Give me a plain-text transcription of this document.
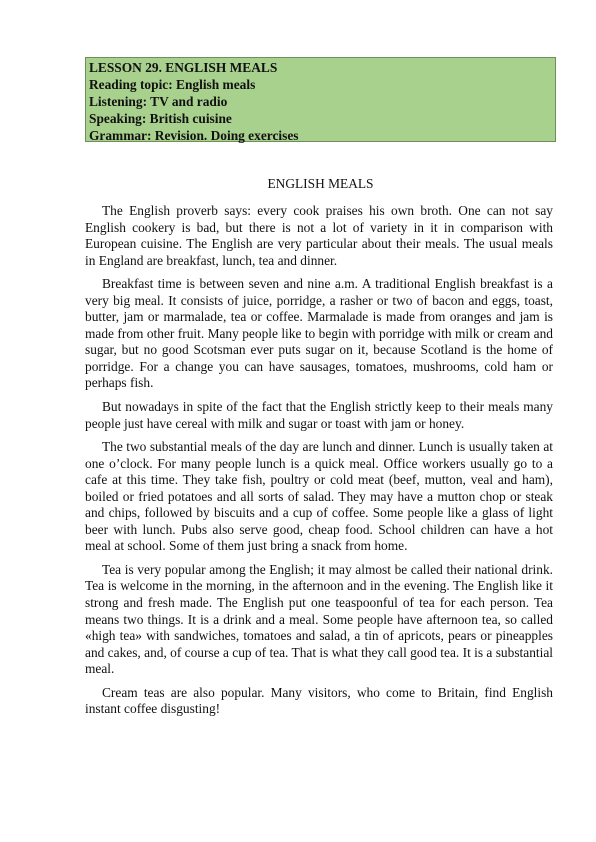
LESSON 29. ENGLISH MEALS
Reading topic: English meals
Listening: TV and radio
Speaking: British cuisine
Grammar: Revision. Doing exercises
ENGLISH MEALS

The English proverb says: every cook praises his own broth. One can not say English cookery is bad, but there is not a lot of variety in it in comparison with European cuisine. The English are very particular about their meals. The usual meals in England are breakfast, lunch, tea and dinner.

Breakfast time is between seven and nine a.m. A traditional English breakfast is a very big meal. It consists of juice, porridge, a rasher or two of bacon and eggs, toast, butter, jam or marmalade, tea or coffee. Marmalade is made from oranges and jam is made from other fruit. Many people like to begin with porridge with milk or cream and sugar, but no good Scotsman ever puts sugar on it, because Scotland is the home of porridge. For a change you can have sausages, tomatoes, mushrooms, cold ham or perhaps fish.

But nowadays in spite of the fact that the English strictly keep to their meals many people just have cereal with milk and sugar or toast with jam or honey.

The two substantial meals of the day are lunch and dinner. Lunch is usually taken at one o’clock. For many people lunch is a quick meal. Office workers usually go to a cafe at this time. They take fish, poultry or cold meat (beef, mutton, veal and ham), boiled or fried potatoes and all sorts of salad. They may have a mutton chop or steak and chips, followed by biscuits and a cup of coffee. Some people like a glass of light beer with lunch. Pubs also serve good, cheap food. School children can have a hot meal at school. Some of them just bring a snack from home.

Tea is very popular among the English; it may almost be called their national drink. Tea is welcome in the morning, in the afternoon and in the evening. The English like it strong and fresh made. The English put one teaspoonful of tea for each person. Tea means two things. It is a drink and a meal. Some people have afternoon tea, so called «high tea» with sandwiches, tomatoes and salad, a tin of apricots, pears or pineapples and cakes, and, of course a cup of tea. That is what they call good tea. It is a substantial meal.

Cream teas are also popular. Many visitors, who come to Britain, find English instant coffee disgusting!
